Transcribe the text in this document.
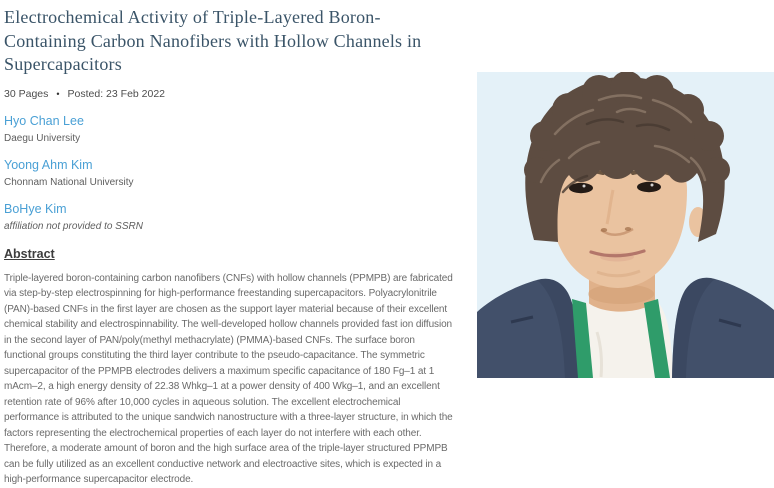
Electrochemical Activity of Triple-Layered Boron-Containing Carbon Nanofibers with Hollow Channels in Supercapacitors
30 Pages • Posted: 23 Feb 2022
Hyo Chan Lee
Daegu University
Yoong Ahm Kim
Chonnam National University
BoHye Kim
affiliation not provided to SSRN
Abstract

Triple-layered boron-containing carbon nanofibers (CNFs) with hollow channels (PPMPB) are fabricated via step-by-step electrospinning for high-performance freestanding supercapacitors. Polyacrylonitrile (PAN)-based CNFs in the first layer are chosen as the support layer material because of their excellent chemical stability and electrospinnability. The well-developed hollow channels provided fast ion diffusion in the second layer of PAN/poly(methyl methacrylate) (PMMA)-based CNFs. The surface boron functional groups constituting the third layer contribute to the pseudo-capacitance. The symmetric supercapacitor of the PPMPB electrodes delivers a maximum specific capacitance of 180 Fg–1 at 1 mAcm–2, a high energy density of 22.38 Whkg–1 at a power density of 400 Wkg–1, and an excellent retention rate of 96% after 10,000 cycles in aqueous solution. The excellent electrochemical performance is attributed to the unique sandwich nanostructure with a three-layer structure, in which the factors representing the electrochemical properties of each layer do not interfere with each other. Therefore, a moderate amount of boron and the high surface area of the triple-layer structured PPMPB can be fully utilized as an excellent conductive network and electroactive sites, which is expected in a high-performance supercapacitor electrode.
